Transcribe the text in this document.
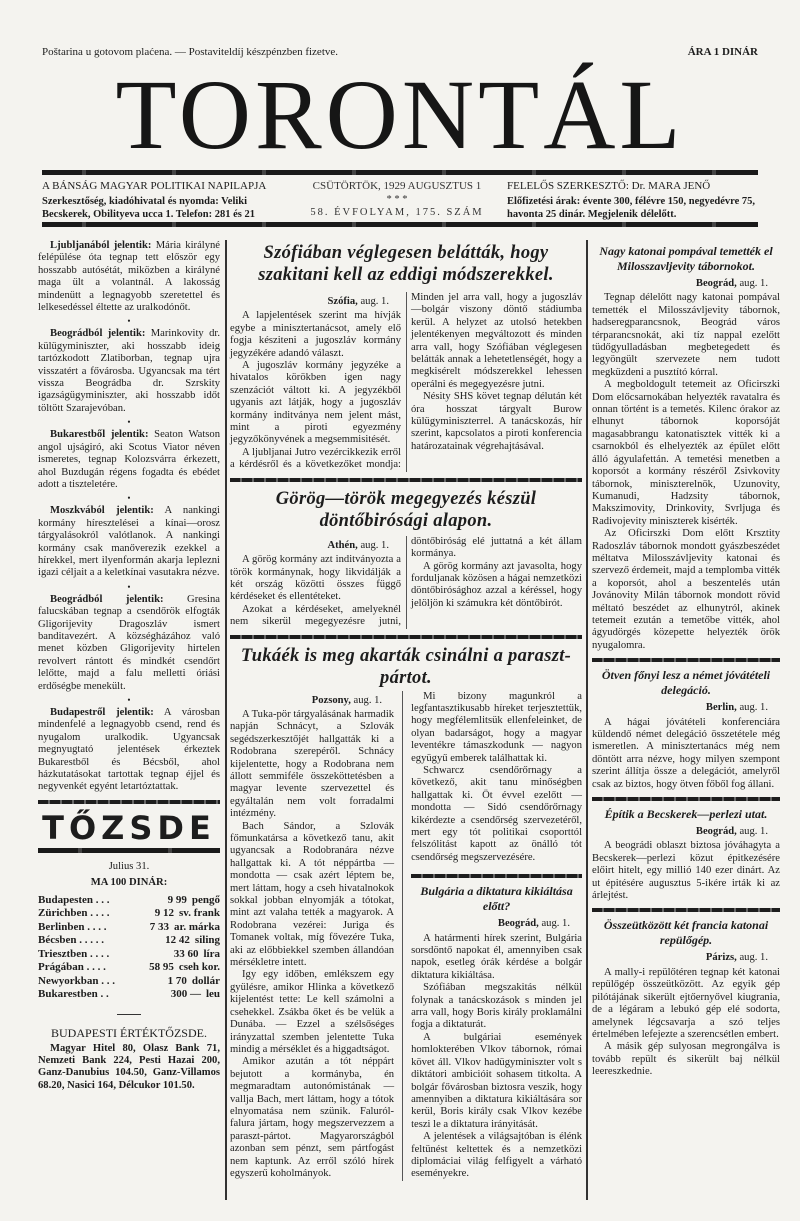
Poštarina u gotovom plaćena. — Postaviteldíj készpénzben fizetve.	ÁRA 1 DINÁR
TORONTÁL
A BÁNSÁG MAGYAR POLITIKAI NAPILAPJA
Szerkesztőség, kiadóhivatal és nyomda: Veliki Becskerek, Obilityeva ucca 1. Telefon: 281 és 21
CSÜTÖRTÖK, 1929 AUGUSZTUS 1
* * *
58. ÉVFOLYAM, 175. SZÁM
FELELŐS SZERKESZTŐ: Dr. MARA JENŐ
Előfizetési árak: évente 300, félévre 150, negyedévre 75, havonta 25 dinár. Megjelenik délelőtt.

Ljubljanából jelentik: Mária királyné felépülése óta tegnap tett először egy hosszabb autósétát, miközben a királyné maga ült a volantnál. A lakosság mindenütt a legnagyobb szeretettel és lelkesedéssel éltette az uralkodónőt.

•

Beográdból jelentik: Marinkovity dr. külügyminiszter, aki hosszabb ideig tartózkodott Zlatiborban, tegnap ujra visszatért a fővárosba. Ugyancsak ma tért vissza Beográdba dr. Szrskity igazságügyminiszter, aki hosszabb időt töltött Szarajevóban.

•

Bukarestből jelentik: Seaton Watson angol ujságiró, aki Scotus Viator néven ismeretes, tegnap Kolozsvárra érkezett, ahol Buzdugán régens fogadta és ebédet adott a tiszteletére.

•

Moszkvából jelentik: A nankingi kormány híresztelései a kínai—orosz tárgyalásokról valótlanok. A nankingi kormány csak manőverezik ezekkel a hírekkel, mert ilyenformán akarja leplezni igazi céljait a a keletkínai vasutakra nézve.

•

Beográdból jelentik: Gresina falucskában tegnap a csendőrök elfogták Gligorijevity Dragoszláv ismert banditavezért. A községházához való menet közben Gligorijevity hirtelen revolvert rántott és mindkét csendőrt lelőtte, majd a falu melletti óriási erdőségbe menekült.

•

Budapestről jelentik: A városban mindenfelé a legnagyobb csend, rend és nyugalom uralkodik. Ugyancsak megnyugtató jelentések érkeztek Bukarestből és Bécsből, ahol házkutatásokat tartottak tegnap éjjel és negyvenkét egyént letartóztattak.

TŐZSDE
Julius 31.
MA 100 DINÁR:
Budapesten . . .	9 99 pengő
Zürichben . . . .	9 12 sv. frank
Berlinben . . . .	7 33 ar. márka
Bécsben . . . . .	12 42 siling
Triesztben . . . .	33 60 líra
Prágában . . . .	58 95 cseh kor.
Newyorkban . . .	1 70 dollár
Bukarestben . .	300 — leu
BUDAPESTI ÉRTÉKTŐZSDE.

Magyar Hitel 80, Olasz Bank 71, Nemzeti Bank 224, Pesti Hazai 200, Ganz-Danubius 104.50, Ganz-Villamos 68.20, Nasici 164, Délcukor 101.50.

Szófiában véglegesen belátták, hogy szakitani kell az eddigi módszerekkel.
Szófia, aug. 1.

A lapjelentések szerint ma hívják egybe a minisztertanácsot, amely elő fogja késziteni a jugoszláv kormány jegyzékére adandó választ.

A jugoszláv kormány jegyzéke a hivatalos körökben igen nagy szenzációt váltott ki. A jegyzékből ugyanis azt látják, hogy a jugoszláv kormány inditványa nem jelent mást, mint a piroti egyezmény jegyzőkönyvének a megsemmisitését.

A ljubljanai Jutro vezércikkezik erről a kérdésről és a következőket mondja: Minden jel arra vall, hogy a jugoszláv—bolgár viszony döntő stádiumba kerül. A helyzet az utolsó hetekben jelentékenyen megváltozott és minden arra vall, hogy Szófiában véglegesen belátták annak a lehetetlenségét, hogy a megkisérelt módszerekkel lehessen operálni és megegyezésre jutni.

Nésity SHS követ tegnap délután két óra hosszat tárgyalt Burow külügyminiszterrel. A tanácskozás, hír szerint, kapcsolatos a piroti konferencia határozatainak végrehajtásával.

Görög—török megegyezés készül döntőbirósági alapon.
Athén, aug. 1.

A görög kormány azt inditványozta a török kormánynak, hogy likvidálják a két ország közötti összes függő kérdéseket és ellentéteket.

Azokat a kérdéseket, amelyeknél nem sikerül megegyezésre jutni, döntőbiróság elé juttatná a két állam kormánya.

A görög kormány azt javasolta, hogy forduljanak közösen a hágai nemzetközi döntőbirósághoz azzal a kéréssel, hogy jelöljön ki számukra két döntőbirót.

Tukáék is meg akarták csinálni a paraszt-pártot.
Pozsony, aug. 1.

A Tuka-pör tárgyalásának harmadik napján Schnácyt, a Szlovák segédszerkesztőjét hallgatták ki a Rodobrana szerepéről. Schnácy kijelentette, hogy a Rodobrana nem állott semmiféle összeköttetésben a magyar levente szervezettel és egyáltalán nem volt forradalmi intézmény.

Bach Sándor, a Szlovák főmunkatársa a következő tanu, akit ugyancsak a Rodobranára nézve hallgattak ki. A tót néppártba — mondotta — csak azért léptem be, mert láttam, hogy a cseh hivatalnokok sokkal jobban elnyomják a tótokat, mint azt valaha tették a magyarok. A Rodobrana vezérei: Juriga és Tomanek voltak, míg fővezére Tuka, aki az előbbiekkel szemben állandóan mérsékletre intett.

Igy egy időben, emlékszem egy gyülésre, amikor Hlinka a következő kijelentést tette: Le kell számolni a csehekkel. Zsákba őket és be velük a Dunába. — Ezzel a szélsőséges irányzattal szemben jelentette Tuka mindig a mérséklet és a higgadtságot.

Amikor azután a tót néppárt bejutott a kormányba, én megmaradtam autonómistának — vallja Bach, mert láttam, hogy a tótok elnyomatása nem szünik. Faluról-falura jártam, hogy megszervezzem a paraszt-pártot. Magyarországból azonban sem pénzt, sem pártfogást nem kaptunk. Az erről szóló hírek egyszerű koholmányok.

Mi bizony magunkról a legfantasztikusabb híreket terjesztettük, hogy megfélemlitsük ellenfeleinket, de olyan badarságot, hogy a magyar leventékre támaszkodunk — nagyon együgyű emberek találhattak ki.

Schwarcz csendőrőrnagy a következő, akit tanu minőségben hallgattak ki. Öt évvel ezelőtt — mondotta — Sidó csendőrőrnagy kikérdezte a csendőrség szervezetéről, mert egy tót politikai csoporttól felszólitást kapott az önálló tót csendőrség megszervezésére.

Bulgária a diktatura kikiáltása előtt?
Beográd, aug. 1.

A határmenti hírek szerint, Bulgária sorsdöntő napokat él, amennyiben csak napok, esetleg órák kérdése a bolgár diktatura kikiáltása.

Szófiában megszakitás nélkül folynak a tanácskozások s minden jel arra vall, hogy Boris király proklamálni fogja a diktaturát.

A bulgáriai események homlokterében Vlkov tábornok, római követ áll. Vlkov hadügyminiszter volt s diktátori ambicióit sohasem titkolta. A bolgár fővárosban biztosra veszik, hogy amennyiben a diktatura kikiáltására sor kerül, Boris király csak Vlkov kezébe teszi le a diktatura irányitását.

A jelentések a világsajtóban is élénk feltünést keltettek és a nemzetközi diplomáciai világ felfigyelt a várható eseményekre.

Nagy katonai pompával temették el Milosszavljevity tábornokot.
Beográd, aug. 1.

Tegnap délelőtt nagy katonai pompával temették el Milosszávljevity tábornok, hadseregparancsnok, Beográd város térparancsnokát, aki tíz nappal ezelőtt tüdőgyulladásban megbetegedett és legyöngült szervezete nem tudott megküzdeni a pusztító kórral.

A megboldogult tetemeit az Oficirszki Dom előcsarnokában helyezték ravatalra és onnan történt is a temetés. Kilenc órakor az elhunyt tábornok koporsóját magasabbrangu katonatisztek vitték ki a csarnokból és elhelyezték az épület előtt álló ágyulafettán. A temetési menetben a koporsót a kormány részéről Zsivkovity tábornok, miniszterelnök, Uzunovity, Kumanudi, Hadzsity tábornok, Makszimovity, Drinkovity, Svrljuga és Radivojevity miniszterek kisérték.

Az Oficirszki Dom előtt Krsztity Radoszláv tábornok mondott gyászbeszédet méltatva Milosszávljevity katonai és szervező érdemeit, majd a templomba vitték a koporsót, ahol a beszentelés után Jovánovity Milán tábornok mondott rövid méltató beszédet az elhunytról, akinek tetemeit ezután a temetőbe vitték, ahol ágyudörgés közepette helyezték örök nyugalomra.

Ötven főnyi lesz a német jóvátételi delegáció.
Berlin, aug. 1.

A hágai jóvátételi konferenciára küldendő német delegáció összetétele még ismeretlen. A minisztertanács még nem döntött arra nézve, hogy milyen szempont szerint állítja össze a delegációt, amelyről csak az biztos, hogy ötven főből fog állani.

Építik a Becskerek—perlezi utat.
Beográd, aug. 1.

A beográdi oblaszt biztosa jóváhagyta a Becskerek—perlezi közut épitkezésére előirt hitelt, egy millió 140 ezer dinárt. Az ut épitésére augusztus 5-ikére irták ki az árlejtést.

Összeütközött két francia katonai repülőgép.
Párizs, aug. 1.

A mally-i repülőtéren tegnap két katonai repülőgép összeütközött. Az egyik gép pilótájának sikerült ejtőernyővel kiugrania, de a légáram a lebukó gép elé sodorta, amelynek légcsavarja a szó teljes értelmében lefejezte a szerencsétlen embert.

A másik gép sulyosan megrongálva is tovább repült és sikerült baj nélkül leereszkednie.
